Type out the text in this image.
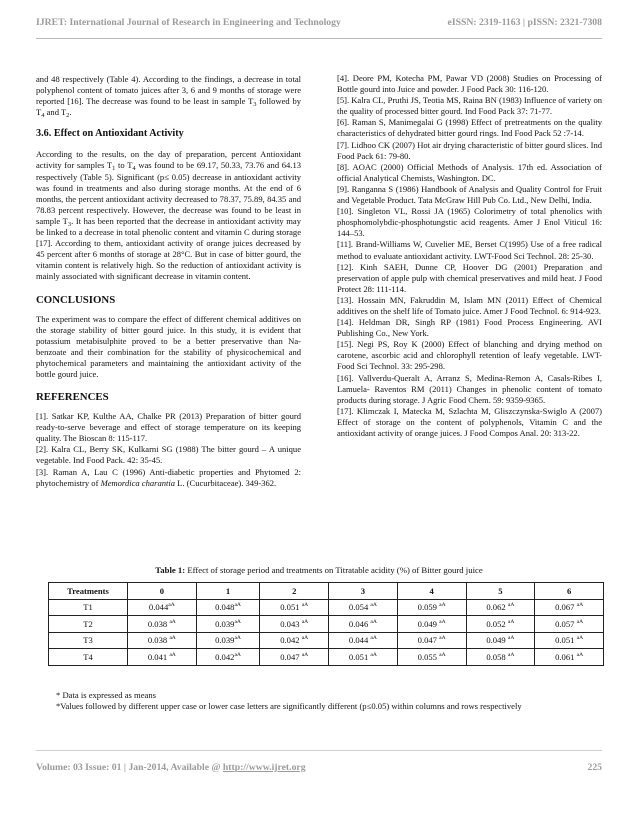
IJRET: International Journal of Research in Engineering and Technology	eISSN: 2319-1163 | pISSN: 2321-7308

and 48 respectively (Table 4). According to the findings, a decrease in total polyphenol content of tomato juices after 3, 6 and 9 months of storage were reported [16]. The decrease was found to be least in sample $T_3$ followed by $T_4$ and $T_2$.

3.6. Effect on Antioxidant Activity

According to the results, on the day of preparation, percent Antioxidant activity for samples $T_1$ to $T_4$ was found to be 69.17, 50.33, 73.76 and 64.13 respectively (Table 5). Significant (p≤ 0.05) decrease in antioxidant activity was found in treatments and also during storage months. At the end of 6 months, the percent antioxidant activity decreased to 78.37, 75.89, 84.35 and 78.83 percent respectively. However, the decrease was found to be least in sample $T_3$. It has been reported that the decrease in antioxidant activity may be linked to a decrease in total phenolic content and vitamin C during storage [17]. According to them, antioxidant activity of orange juices decreased by 45 percent after 6 months of storage at 28°C. But in case of bitter gourd, the vitamin content is relatively high. So the reduction of antioxidant activity is mainly associated with significant decrease in vitamin content.

CONCLUSIONS

The experiment was to compare the effect of different chemical additives on the storage stability of bitter gourd juice. In this study, it is evident that potassium metabisulphite proved to be a better preservative than Na-benzoate and their combination for the stability of physicochemical and phytochemical parameters and maintaining the antioxidant activity of the bottle gourd juice.

REFERENCES

[1]. Satkar KP, Kulthe AA, Chalke PR (2013) Preparation of bitter gourd ready-to-serve beverage and effect of storage temperature on its keeping quality. The Bioscan 8: 115-117.

[2]. Kalra CL, Berry SK, Kulkarni SG (1988) The bitter gourd – A unique vegetable. Ind Food Pack. 42: 35-45.

[3]. Raman A, Lau C (1996) Anti-diabetic properties and Phytomed 2: phytochemistry of Memordica charantia L. (Cucurbitaceae). 349-362.

[4]. Deore PM, Kotecha PM, Pawar VD (2008) Studies on Processing of Bottle gourd into Juice and powder. J Food Pack 30: 116-120.

[5]. Kalra CL, Pruthi JS, Teotia MS, Raina BN (1983) Influence of variety on the quality of processed bitter gourd. Ind Food Pack 37: 71-77.

[6]. Raman S, Manimegalai G (1998) Effect of pretreatments on the quality characteristics of dehydrated bitter gourd rings. Ind Food Pack 52 :7-14.

[7]. Lidhoo CK (2007) Hot air drying characteristic of bitter gourd slices. Ind Food Pack 61: 79-80.

[8]. AOAC (2000) Official Methods of Analysis. 17th ed. Association of official Analytical Chemists, Washington. DC.

[9]. Ranganna S (1986) Handbook of Analysis and Quality Control for Fruit and Vegetable Product. Tata McGraw Hill Pub Co. Ltd., New Delhi, India.

[10]. Singleton VL, Rossi JA (1965) Colorimetry of total phenolics with phosphomolybdic-phosphotungstic acid reagents. Amer J Enol Viticul 16: 144–53.

[11]. Brand-Williams W, Cuvelier ME, Berset C(1995) Use of a free radical method to evaluate antioxidant activity. LWT-Food Sci Technol. 28: 25-30.

[12]. Kinh SAEH, Dunne CP, Hoover DG (2001) Preparation and preservation of apple pulp with chemical preservatives and mild heat. J Food Protect 28: 111-114.

[13]. Hossain MN, Fakruddin M, Islam MN (2011) Effect of Chemical additives on the shelf life of Tomato juice. Amer J Food Technol. 6: 914-923.

[14]. Heldman DR, Singh RP (1981) Food Process Engineering. AVI Publishing Co., New York.

[15]. Negi PS, Roy K (2000) Effect of blanching and drying method on carotene, ascorbic acid and chlorophyll retention of leafy vegetable. LWT- Food Sci Technol. 33: 295-298.

[16]. Vallverdu-Queralt A, Arranz S, Medina-Remon A, Casals-Ribes I, Lamuela- Raventos RM (2011) Changes in phenolic content of tomato products during storage. J Agric Food Chem. 59: 9359-9365.

[17]. Klimczak I, Matecka M, Szlachta M, Gliszczynska-Swiglo A (2007) Effect of storage on the content of polyphenols, Vitamin C and the antioxidant activity of orange juices. J Food Compos Anal. 20: 313-22.

Table 1: Effect of storage period and treatments on Titratable acidity (%) of Bitter gourd juice
Treatments	0	1	2	3	4	5	6
T1	$0.044^{aA}$	$0.048^{aA}$	0.051 $^{aA}$	0.054 $^{aA}$	0.059 $^{aA}$	0.062 $^{aA}$	0.067 $^{aA}$
T2	0.038 $^{aA}$	$0.039^{aA}$	0.043 $^{aA}$	0.046 $^{aA}$	0.049 $^{aA}$	0.052 $^{aA}$	0.057 $^{aA}$
T3	0.038 $^{aA}$	$0.039^{aA}$	0.042 $^{aA}$	0.044 $^{aA}$	0.047 $^{aA}$	0.049 $^{aA}$	0.051 $^{aA}$
T4	0.041 $^{aA}$	$0.042^{aA}$	0.047 $^{aA}$	0.051 $^{aA}$	0.055 $^{aA}$	0.058 $^{aA}$	0.061 $^{aA}$

* Data is expressed as means

*Values followed by different upper case or lower case letters are significantly different (p≤0.05) within columns and rows respectively

Volume: 03 Issue: 01 | Jan-2014, Available @ http://www.ijret.org	225
